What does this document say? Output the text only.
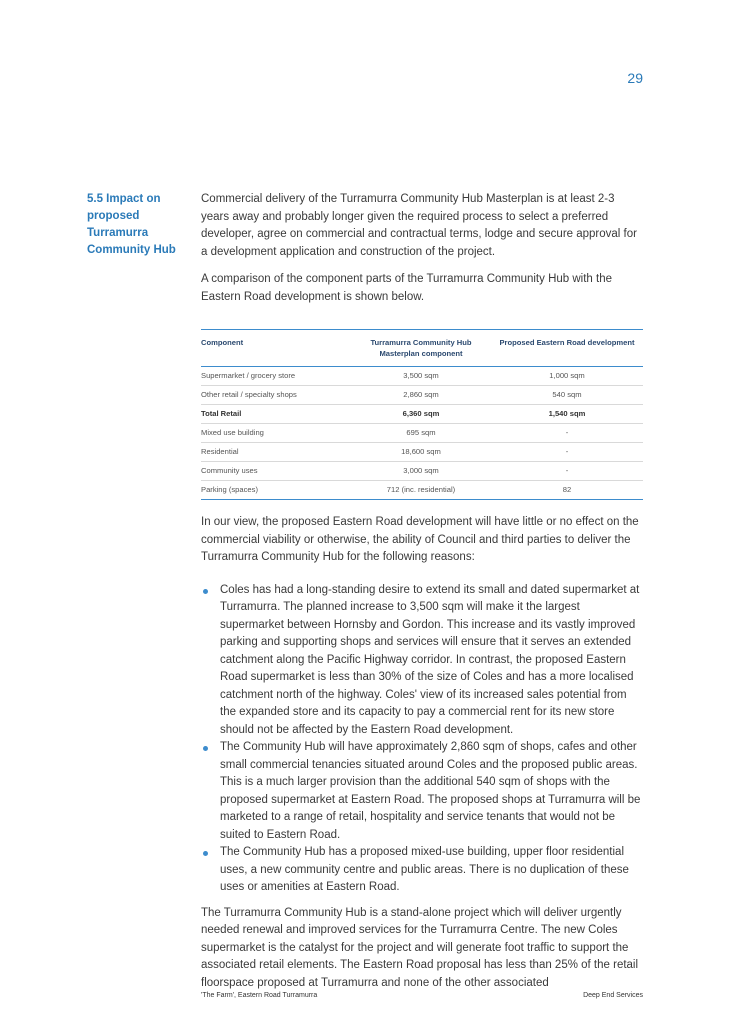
29
5.5 Impact on proposed Turramurra Community Hub

Commercial delivery of the Turramurra Community Hub Masterplan is at least 2-3 years away and probably longer given the required process to select a preferred developer, agree on commercial and contractual terms, lodge and secure approval for a development application and construction of the project.

A comparison of the component parts of the Turramurra Community Hub with the Eastern Road development is shown below.

Component	Turramurra Community Hub Masterplan component	Proposed Eastern Road development
Supermarket / grocery store	3,500 sqm	1,000 sqm
Other retail / specialty shops	2,860 sqm	540 sqm
Total Retail	6,360 sqm	1,540 sqm
Mixed use building	695 sqm	-
Residential	18,600 sqm	-
Community uses	3,000 sqm	-
Parking (spaces)	712 (inc. residential)	82

In our view, the proposed Eastern Road development will have little or no effect on the commercial viability or otherwise, the ability of Council and third parties to deliver the Turramurra Community Hub for the following reasons:

Coles has had a long-standing desire to extend its small and dated supermarket at Turramurra. The planned increase to 3,500 sqm will make it the largest supermarket between Hornsby and Gordon. This increase and its vastly improved parking and supporting shops and services will ensure that it serves an extended catchment along the Pacific Highway corridor. In contrast, the proposed Eastern Road supermarket is less than 30% of the size of Coles and has a more localised catchment north of the highway. Coles' view of its increased sales potential from the expanded store and its capacity to pay a commercial rent for its new store should not be affected by the Eastern Road development.
The Community Hub will have approximately 2,860 sqm of shops, cafes and other small commercial tenancies situated around Coles and the proposed public areas. This is a much larger provision than the additional 540 sqm of shops with the proposed supermarket at Eastern Road. The proposed shops at Turramurra will be marketed to a range of retail, hospitality and service tenants that would not be suited to Eastern Road.
The Community Hub has a proposed mixed-use building, upper floor residential uses, a new community centre and public areas. There is no duplication of these uses or amenities at Eastern Road.

The Turramurra Community Hub is a stand-alone project which will deliver urgently needed renewal and improved services for the Turramurra Centre. The new Coles supermarket is the catalyst for the project and will generate foot traffic to support the associated retail elements. The Eastern Road proposal has less than 25% of the retail floorspace proposed at Turramurra and none of the other associated

'The Farm', Eastern Road Turramurra	Deep End Services
